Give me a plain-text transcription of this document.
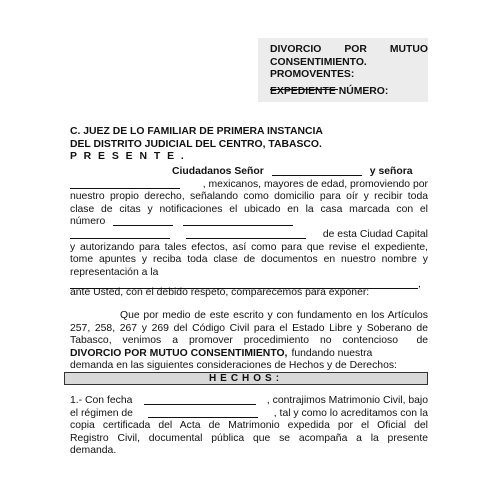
DIVORCIO POR MUTUO
CONSENTIMIENTO.
PROMOVENTES:
EXPEDIENTE NÚMERO:
C. JUEZ DE LO FAMILIAR DE PRIMERA INSTANCIA
DEL DISTRITO JUDICIAL DEL CENTRO, TABASCO.
P R E S E N T E .
Ciudadanos Señor	y señora
, mexicanos, mayores de edad, promoviendo por
nuestro propio derecho, señalando como domicilio para oír y recibir toda
clase de citas y notificaciones el ubicado en la casa marcada con el
número
de esta Ciudad Capital
y autorizando para tales efectos, así como para que revise el expediente,
tome apuntes y reciba toda clase de documentos en nuestro nombre y
representación a la
,
ante Usted, con el debido respeto, comparecemos para exponer:
Que por medio de este escrito y con fundamento en los Artículos
257, 258, 267 y 269 del Código Civil para el Estado Libre y Soberano de
Tabasco, venimos a promover procedimiento no contencioso de
DIVORCIO POR MUTUO CONSENTIMIENTO, fundando nuestra
demanda en las siguientes consideraciones de Hechos y de Derechos:
HECHOS:
1.- Con fecha	, contrajimos Matrimonio Civil, bajo
el régimen de	, tal y como lo acreditamos con la
copia certificada del Acta de Matrimonio expedida por el Oficial del
Registro Civil, documental pública que se acompaña a la presente
demanda.
